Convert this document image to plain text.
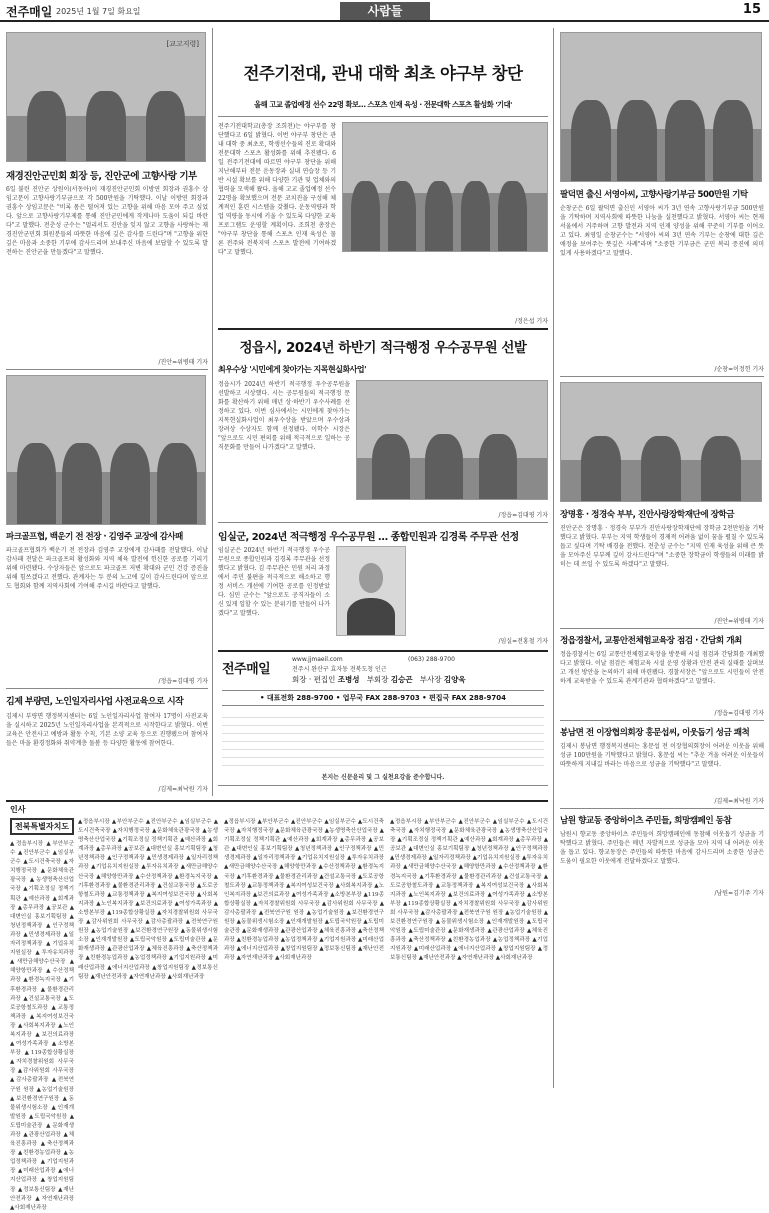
전주매일 2025년 1월 7일 화요일	사람들	15
[교고지령]
재경진안군민회 회장 등, 진안군에 고향사랑 기부
6일 불린 진안군 상원이(서동아)이 재경진안군민회 이방연 회장과 권흥수 상임고문이 고향사랑기부금으로 각 500만원을 기탁했다. 이날 이방연 회장과 권흥수 상임고문은 "비록 몸은 떨어져 있는 고향을 위해 마음 모아 주고 싶었다. 앞으로 고향사랑기부제를 통해 진안군민에게 작게나마 도움이 되길 바란다"고 말했다. 전춘성 군수는 "멀리서도 진안을 잊지 않고 고향을 사랑하는 재경진안군민회 회원분들의 따뜻한 마음에 깊은 감사를 드린다"며 "고향을 위한 깊은 마음과 소중한 기부에 감사드리며 보내주신 마음에 보답할 수 있도록 발전하는 진안군을 만들겠다"고 말했다.
/진안=위병태 기자
파크골프협, 백운기 전 전장 · 김영주 교장에 감사패
파크골프협회가 백운기 전 전장과 김영주 교장에게 감사패를 전달했다. 이날 감사패 전달은 파크골프의 활성화와 지역 체육 발전에 헌신한 공로를 기리기 위해 마련됐다. 수상자들은 앞으로도 파크골프 저변 확대와 군민 건강 증진을 위해 힘쓰겠다고 전했다. 관계자는 두 분의 노고에 깊이 감사드린다며 앞으로도 협회와 함께 지역사회에 기여해 주시길 바란다고 말했다.
/정읍=김대평 기자
김제 부량면, 노인일자리사업 사전교육으로 시작
김제시 부량면 행정복지센터는 6일 노인일자리사업 참여자 17명이 사전교육을 실시하고 2025년 노인일자리사업을 본격적으로 시작한다고 밝혔다. 이번 교육은 안전사고 예방과 활동 수칙, 기본 소양 교육 등으로 진행됐으며 참여자들은 마을 환경정화와 취약계층 돌봄 등 다양한 활동에 참여한다.
/김제=최낙원 기자
전주기전대, 관내 대학 최초 야구부 창단
올해 고교 졸업예정 선수 22명 확보… 스포츠 인재 육성 · 전문대학 스포츠 활성화 '기대'
전주기전대학교(총장 조희천)는 야구부를 창단했다고 6일 밝혔다. 이번 야구부 창단은 관내 대학 중 최초로, 학생선수들의 진로 확대와 전문대학 스포츠 활성화를 위해 추진됐다. 6일 전주기전대에 따르면 야구부 창단을 위해 지난해부터 전문 운동장과 실내 연습장 등 기반 시설 확보를 위해 다양한 기관 및 업체와의 협력을 모색해 왔다. 올해 고교 졸업예정 선수 22명을 확보했으며 전문 코치진을 구성해 체계적인 훈련 시스템을 갖췄다. 운동역량과 학업 역량을 동시에 키울 수 있도록 다양한 교육 프로그램도 운영할 계획이다. 조희천 총장은 "야구부 창단을 통해 스포츠 인재 육성은 물론 전주와 전북지역 스포츠 발전에 기여하겠다"고 말했다.
/정은섭 기자
정읍시, 2024년 하반기 적극행정 우수공무원 선발
최우수상 '시민에게 찾아가는 지목현실화사업'
정읍시가 2024년 하반기 적극행정 우수공무원을 선발하고 시상했다. 시는 공무원들의 적극행정 문화를 확산하기 위해 매년 상·하반기 우수사례를 선정하고 있다. 이번 심사에서는 시민에게 찾아가는 지목현실화사업이 최우수상을 받았으며 우수상과 장려상 수상자도 함께 선정됐다. 이학수 시장은 "앞으로도 시민 편의를 위해 적극적으로 일하는 공직문화를 만들어 나가겠다"고 말했다.
/정읍=김대평 기자
임실군, 2024년 적극행정 우수공무원 … 종합민원과 김경록 주무관 선정
임실군은 2024년 하반기 적극행정 우수공무원으로 종합민원과 김경록 주무관을 선정했다고 밝혔다. 김 주무관은 민원 처리 과정에서 주민 불편을 적극적으로 해소하고 행정 서비스 개선에 기여한 공로를 인정받았다. 심민 군수는 "앞으로도 공직자들이 소신 있게 일할 수 있는 분위기를 만들어 나가겠다"고 말했다.
/임실=전홍철 기자
전주매일
www.jjmaeil.com
전주시 완산구 효자동 전북도청 인근
(063) 288-9700
회장 · 편집인 조병성 부회장 김승곤 부사장 김양욱
• 대표전화 288-9700 • 업무국 FAX 288-9703 • 편집국 FAX 288-9704
본지는 신문윤리 및 그 실천요강을 준수합니다.
인사
전북특별자치도	▲정읍부시장 ▲부안부군수 ▲진안부군수 ▲임실부군수 ▲도시건축국장 ▲자치행정국장 ▲문화체육관광국장 ▲농생명축산산업국장 ▲기획조정실 정책기획관 ▲예산과장 ▲회계과장 ▲총무과장 ▲공보관 ▲대변인실 홍보기획팀장 ▲청년정책과장 ▲인구정책과장 ▲민생경제과장 ▲일자리정책과장 ▲기업유치지원실장 ▲투자유치과장 ▲새만금해양수산국장 ▲해양항만과장 ▲수산정책과장 ▲환경녹지국장 ▲기후환경과장 ▲물환경관리과장 ▲건설교통국장 ▲도로공항철도과장 ▲교통정책과장 ▲복지여성보건국장 ▲사회복지과장 ▲노인복지과장 ▲보건의료과장 ▲여성가족과장 ▲소방본부장 ▲119종합상황실장 ▲자치경찰위원회 사무국장 ▲감사위원회 사무국장 ▲감사총괄과장 ▲전북연구원 원장 ▲농업기술원장 ▲보건환경연구원장 ▲동물위생시험소장 ▲인재개발원장 ▲도립국악원장 ▲도립미술관장 ▲문화재생과장 ▲관광산업과장 ▲체육진흥과장 ▲축산정책과장 ▲친환경농업과장 ▲농업정책과장 ▲기업지원과장 ▲미래산업과장 ▲에너지산업과장 ▲창업지원팀장 ▲정보통신팀장 ▲재난안전과장 ▲자연재난과장 ▲사회재난과장
▲정읍부시장 ▲부안부군수 ▲진안부군수 ▲임실부군수 ▲도시건축국장 ▲자치행정국장 ▲문화체육관광국장 ▲농생명축산산업국장 ▲기획조정실 정책기획관 ▲예산과장 ▲회계과장 ▲총무과장 ▲공보관 ▲대변인실 홍보기획팀장 ▲청년정책과장 ▲인구정책과장 ▲민생경제과장 ▲일자리정책과장 ▲기업유치지원실장 ▲투자유치과장 ▲새만금해양수산국장 ▲해양항만과장 ▲수산정책과장 ▲환경녹지국장 ▲기후환경과장 ▲물환경관리과장 ▲건설교통국장 ▲도로공항철도과장 ▲교통정책과장 ▲복지여성보건국장 ▲사회복지과장 ▲노인복지과장 ▲보건의료과장 ▲여성가족과장 ▲소방본부장 ▲119종합상황실장 ▲자치경찰위원회 사무국장 ▲감사위원회 사무국장 ▲감사총괄과장 ▲전북연구원 원장 ▲농업기술원장 ▲보건환경연구원장 ▲동물위생시험소장 ▲인재개발원장 ▲도립국악원장 ▲도립미술관장 ▲문화재생과장 ▲관광산업과장 ▲체육진흥과장 ▲축산정책과장 ▲친환경농업과장 ▲농업정책과장 ▲기업지원과장 ▲미래산업과장 ▲에너지산업과장 ▲창업지원팀장 ▲정보통신팀장 ▲재난안전과장 ▲자연재난과장 ▲사회재난과장
▲정읍부시장 ▲부안부군수 ▲진안부군수 ▲임실부군수 ▲도시건축국장 ▲자치행정국장 ▲문화체육관광국장 ▲농생명축산산업국장 ▲기획조정실 정책기획관 ▲예산과장 ▲회계과장 ▲총무과장 ▲공보관 ▲대변인실 홍보기획팀장 ▲청년정책과장 ▲인구정책과장 ▲민생경제과장 ▲일자리정책과장 ▲기업유치지원실장 ▲투자유치과장 ▲새만금해양수산국장 ▲해양항만과장 ▲수산정책과장 ▲환경녹지국장 ▲기후환경과장 ▲물환경관리과장 ▲건설교통국장 ▲도로공항철도과장 ▲교통정책과장 ▲복지여성보건국장 ▲사회복지과장 ▲노인복지과장 ▲보건의료과장 ▲여성가족과장 ▲소방본부장 ▲119종합상황실장 ▲자치경찰위원회 사무국장 ▲감사위원회 사무국장 ▲감사총괄과장 ▲전북연구원 원장 ▲농업기술원장 ▲보건환경연구원장 ▲동물위생시험소장 ▲인재개발원장 ▲도립국악원장 ▲도립미술관장 ▲문화재생과장 ▲관광산업과장 ▲체육진흥과장 ▲축산정책과장 ▲친환경농업과장 ▲농업정책과장 ▲기업지원과장 ▲미래산업과장 ▲에너지산업과장 ▲창업지원팀장 ▲정보통신팀장 ▲재난안전과장 ▲자연재난과장 ▲사회재난과장
▲정읍부시장 ▲부안부군수 ▲진안부군수 ▲임실부군수 ▲도시건축국장 ▲자치행정국장 ▲문화체육관광국장 ▲농생명축산산업국장 ▲기획조정실 정책기획관 ▲예산과장 ▲회계과장 ▲총무과장 ▲공보관 ▲대변인실 홍보기획팀장 ▲청년정책과장 ▲인구정책과장 ▲민생경제과장 ▲일자리정책과장 ▲기업유치지원실장 ▲투자유치과장 ▲새만금해양수산국장 ▲해양항만과장 ▲수산정책과장 ▲환경녹지국장 ▲기후환경과장 ▲물환경관리과장 ▲건설교통국장 ▲도로공항철도과장 ▲교통정책과장 ▲복지여성보건국장 ▲사회복지과장 ▲노인복지과장 ▲보건의료과장 ▲여성가족과장 ▲소방본부장 ▲119종합상황실장 ▲자치경찰위원회 사무국장 ▲감사위원회 사무국장 ▲감사총괄과장 ▲전북연구원 원장 ▲농업기술원장 ▲보건환경연구원장 ▲동물위생시험소장 ▲인재개발원장 ▲도립국악원장 ▲도립미술관장 ▲문화재생과장 ▲관광산업과장 ▲체육진흥과장 ▲축산정책과장 ▲친환경농업과장 ▲농업정책과장 ▲기업지원과장 ▲미래산업과장 ▲에너지산업과장 ▲창업지원팀장 ▲정보통신팀장 ▲재난안전과장 ▲자연재난과장 ▲사회재난과장
팔덕면 출신 서영아씨, 고향사랑기부금 500만원 기탁
순창군은 6일 팔덕면 출신인 서영아 씨가 3년 연속 고향사랑기부금 500만원을 기탁하며 지역사회에 따뜻한 나눔을 실천했다고 밝혔다. 서영아 씨는 현재 서울에서 거주하며 고향 발전과 지역 인재 양성을 위해 꾸준히 기부를 이어오고 있다. 최영일 순창군수는 "서영아 씨의 3년 연속 기부는 순창에 대한 깊은 애정을 보여주는 뜻깊은 사례"라며 "소중한 기부금은 군민 복리 증진에 의미 있게 사용하겠다"고 말했다.
/순창=이정헌 기자
장명흥 · 정경숙 부부, 진안사랑장학재단에 장학금
진안군은 장명흥 · 정경숙 부부가 진안사랑장학재단에 장학금 2천만원을 기탁했다고 밝혔다. 부부는 지역 학생들이 경제적 어려움 없이 꿈을 펼칠 수 있도록 돕고 싶다며 기탁 배경을 전했다. 전춘성 군수는 "지역 인재 육성을 위해 큰 뜻을 모아주신 부부께 깊이 감사드린다"며 "소중한 장학금이 학생들의 미래를 밝히는 데 쓰일 수 있도록 하겠다"고 말했다.
/진안=위병태 기자
정읍경찰서, 교통안전체험교육장 점검 · 간담회 개최
정읍경찰서는 6일 교통안전체험교육장을 방문해 시설 점검과 간담회를 개최했다고 밝혔다. 이날 점검은 체험교육 시설 운영 상황과 안전 관리 실태를 살펴보고 개선 방안을 논의하기 위해 마련됐다. 경찰서장은 "앞으로도 시민들이 안전하게 교육받을 수 있도록 관계기관과 협력하겠다"고 말했다.
/정읍=김대평 기자
봉남면 전 이장협의회장 홍문섭씨, 이웃돕기 성금 쾌척
김제시 봉남면 행정복지센터는 홍문섭 전 이장협의회장이 어려운 이웃을 위해 성금 100만원을 기탁했다고 밝혔다. 홍문섭 씨는 "추운 겨울 어려운 이웃들이 따뜻하게 지내길 바라는 마음으로 성금을 기탁했다"고 말했다.
/김제=최낙원 기자
남원 향교동 중앙하이츠 주민들, 희망캠페인 동참
남원시 향교동 중앙하이츠 주민들이 희망캠페인에 동참해 이웃돕기 성금을 기탁했다고 밝혔다. 주민들은 매년 자발적으로 성금을 모아 지역 내 어려운 이웃을 돕고 있다. 향교동장은 주민들의 따뜻한 마음에 감사드리며 소중한 성금은 도움이 필요한 이웃에게 전달하겠다고 말했다.
/남원=김기주 기자
